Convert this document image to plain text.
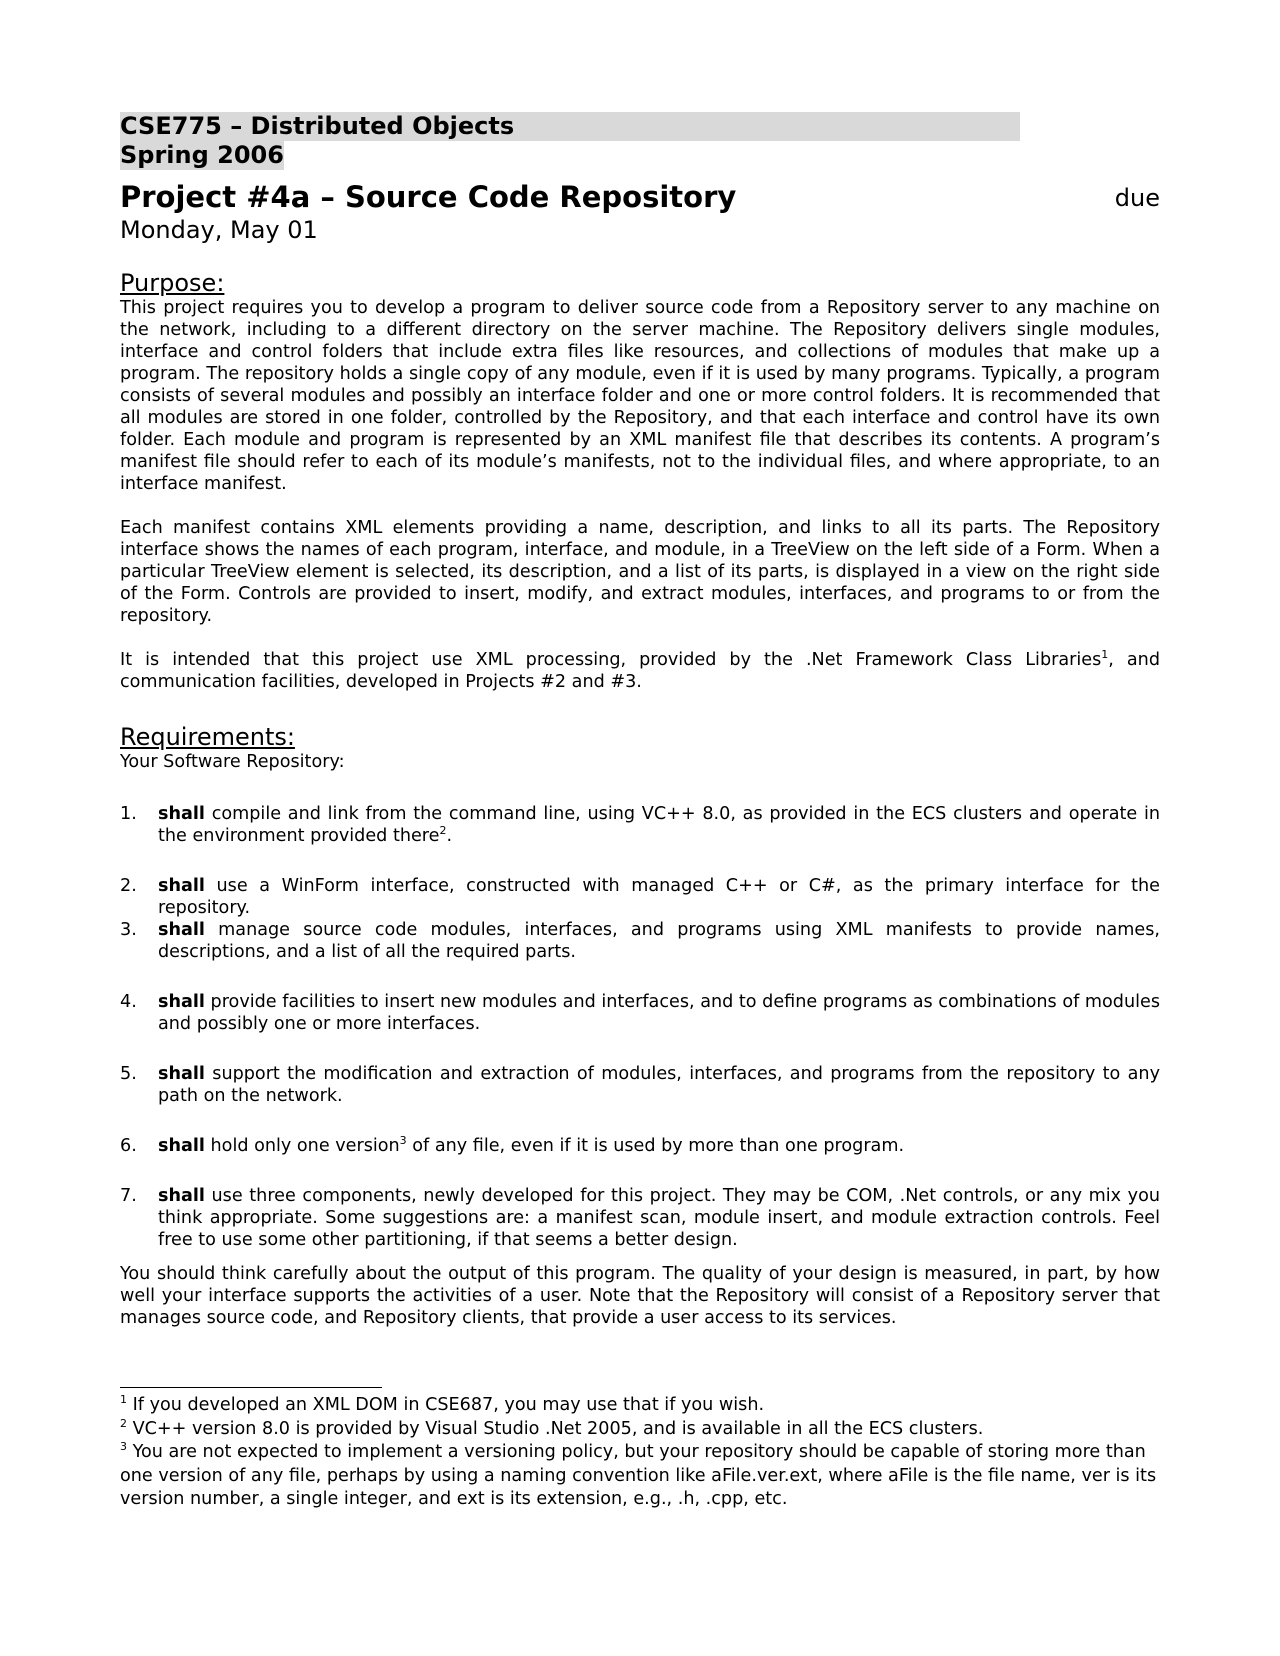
CSE775 – Distributed Objects
Spring 2006
Project #4a – Source Code Repository	due
Monday, May 01
Purpose:

This project requires you to develop a program to deliver source code from a Repository server to any machine on the network, including to a different directory on the server machine. The Repository delivers single modules, interface and control folders that include extra files like resources, and collections of modules that make up a program. The repository holds a single copy of any module, even if it is used by many programs. Typically, a program consists of several modules and possibly an interface folder and one or more control folders. It is recommended that all modules are stored in one folder, controlled by the Repository, and that each interface and control have its own folder. Each module and program is represented by an XML manifest file that describes its contents. A program’s manifest file should refer to each of its module’s manifests, not to the individual files, and where appropriate, to an interface manifest.

Each manifest contains XML elements providing a name, description, and links to all its parts. The Repository interface shows the names of each program, interface, and module, in a TreeView on the left side of a Form. When a particular TreeView element is selected, its description, and a list of its parts, is displayed in a view on the right side of the Form. Controls are provided to insert, modify, and extract modules, interfaces, and programs to or from the repository.

It is intended that this project use XML processing, provided by the .Net Framework Class Libraries$^1$, and communication facilities, developed in Projects #2 and #3.

Requirements:
Your Software Repository:
1. shall compile and link from the command line, using VC++ 8.0, as provided in the ECS clusters and operate in the environment provided there$^2$.
2. shall use a WinForm interface, constructed with managed C++ or C#, as the primary interface for the repository.
3. shall manage source code modules, interfaces, and programs using XML manifests to provide names, descriptions, and a list of all the required parts.
4. shall provide facilities to insert new modules and interfaces, and to define programs as combinations of modules and possibly one or more interfaces.
5. shall support the modification and extraction of modules, interfaces, and programs from the repository to any path on the network.
6. shall hold only one version$^3$ of any file, even if it is used by more than one program.
7. shall use three components, newly developed for this project. They may be COM, .Net controls, or any mix you think appropriate. Some suggestions are: a manifest scan, module insert, and module extraction controls. Feel free to use some other partitioning, if that seems a better design.

You should think carefully about the output of this program. The quality of your design is measured, in part, by how well your interface supports the activities of a user. Note that the Repository will consist of a Repository server that manages source code, and Repository clients, that provide a user access to its services.

$^1$ If you developed an XML DOM in CSE687, you may use that if you wish.
$^2$ VC++ version 8.0 is provided by Visual Studio .Net 2005, and is available in all the ECS clusters.
$^3$ You are not expected to implement a versioning policy, but your repository should be capable of storing more than one version of any file, perhaps by using a naming convention like aFile.ver.ext, where aFile is the file name, ver is its version number, a single integer, and ext is its extension, e.g., .h, .cpp, etc.
